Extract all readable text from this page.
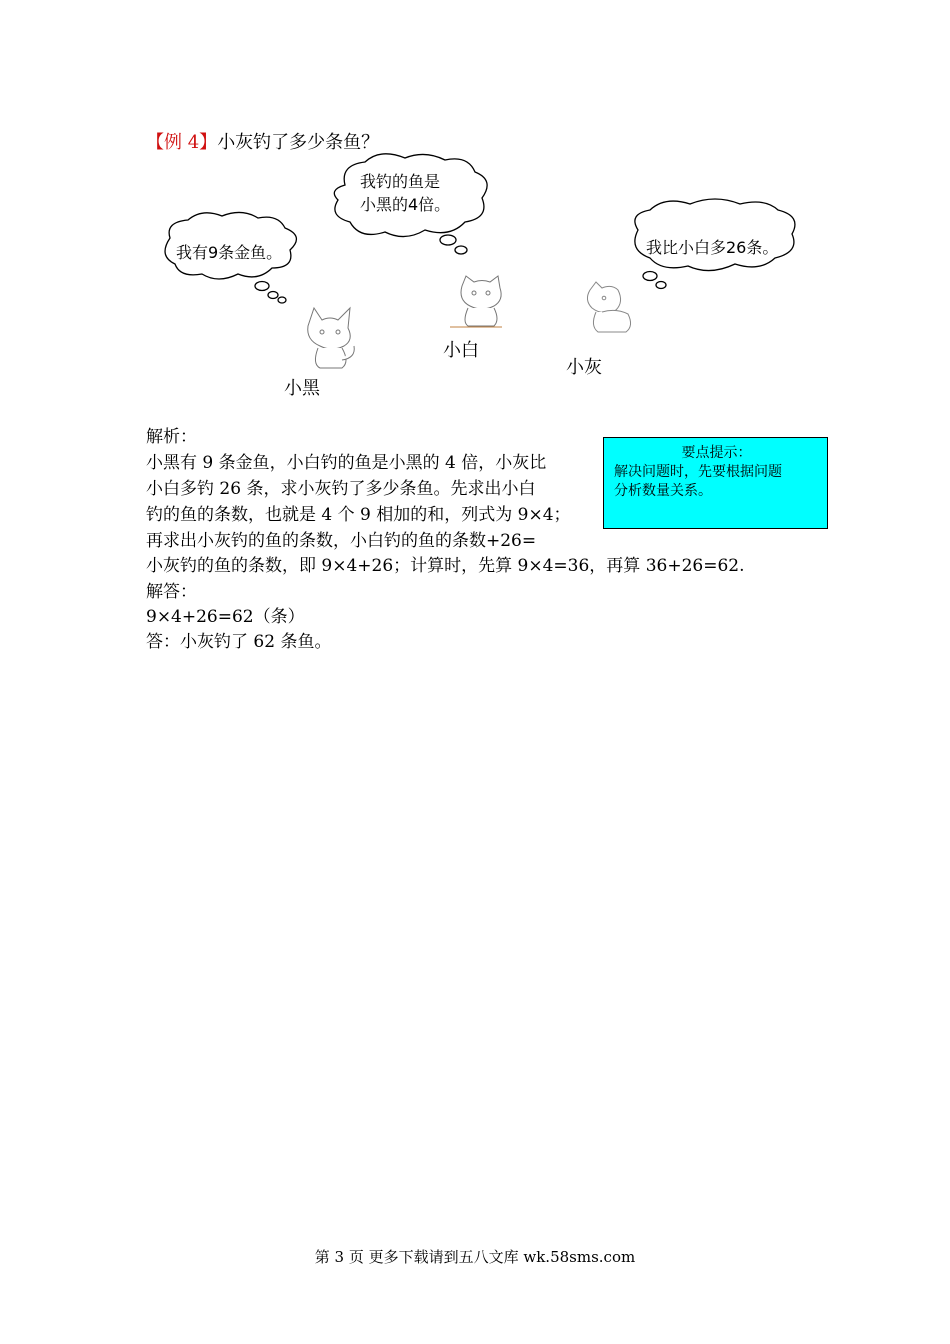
【例 4】小灰钓了多少条鱼？
我有9条金鱼。
我钓的鱼是
小黑的4倍。
我比小白多26条。
小黑
小白
小灰
解析：
小黑有 9 条金鱼，小白钓的鱼是小黑的 4 倍，小灰比
小白多钓 26 条，求小灰钓了多少条鱼。先求出小白
钓的鱼的条数，也就是 4 个 9 相加的和，列式为 9×4；
再求出小灰钓的鱼的条数，小白钓的鱼的条数+26=
小灰钓的鱼的条数，即 9×4+26；计算时，先算 9×4=36，再算 36+26=62.
解答：
9×4+26=62（条）
答：小灰钓了 62 条鱼。
要点提示：
解决问题时，先要根据问题
分析数量关系。
第 3 页 更多下载请到五八文库 wk.58sms.com
